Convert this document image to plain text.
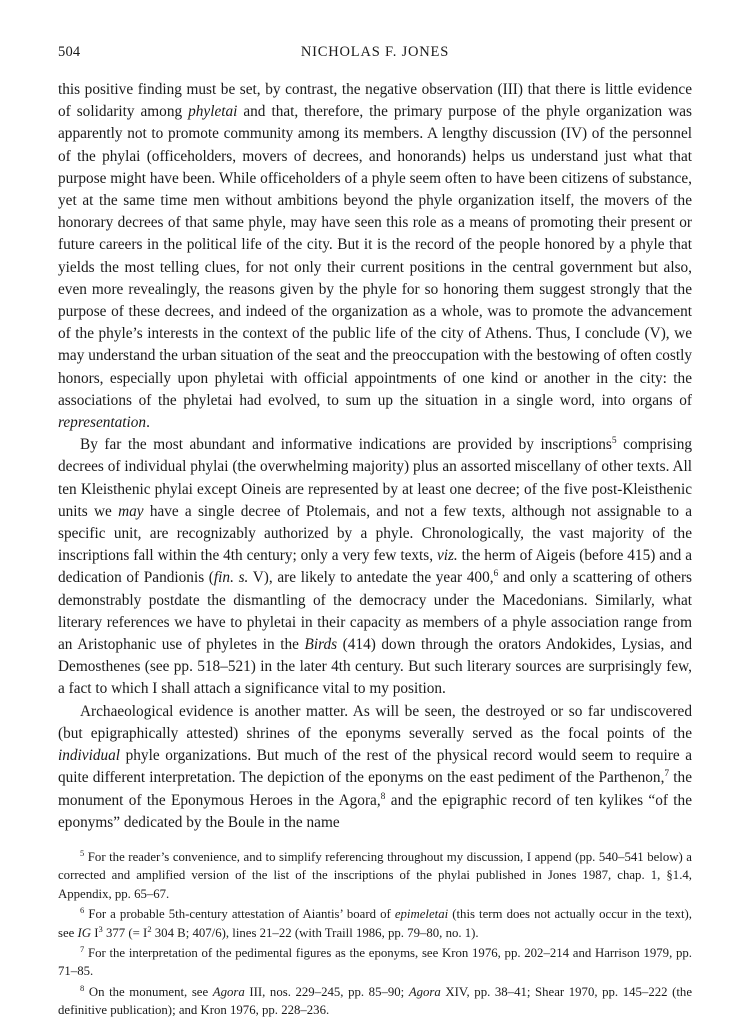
504	NICHOLAS F. JONES

this positive finding must be set, by contrast, the negative observation (III) that there is little evidence of solidarity among phyletai and that, therefore, the primary purpose of the phyle organization was apparently not to promote community among its members. A lengthy discussion (IV) of the personnel of the phylai (officeholders, movers of decrees, and honorands) helps us understand just what that purpose might have been. While officeholders of a phyle seem often to have been citizens of substance, yet at the same time men without ambitions beyond the phyle organization itself, the movers of the honorary decrees of that same phyle, may have seen this role as a means of promoting their present or future careers in the political life of the city. But it is the record of the people honored by a phyle that yields the most telling clues, for not only their current positions in the central government but also, even more revealingly, the reasons given by the phyle for so honoring them suggest strongly that the purpose of these decrees, and indeed of the organization as a whole, was to promote the advancement of the phyle’s interests in the context of the public life of the city of Athens. Thus, I conclude (V), we may understand the urban situation of the seat and the preoccupation with the bestowing of often costly honors, especially upon phyletai with official appointments of one kind or another in the city: the associations of the phyletai had evolved, to sum up the situation in a single word, into organs of representation.

By far the most abundant and informative indications are provided by inscriptions$^5$ comprising decrees of individual phylai (the overwhelming majority) plus an assorted miscellany of other texts. All ten Kleisthenic phylai except Oineis are represented by at least one decree; of the five post-Kleisthenic units we may have a single decree of Ptolemais, and not a few texts, although not assignable to a specific unit, are recognizably authorized by a phyle. Chronologically, the vast majority of the inscriptions fall within the 4th century; only a very few texts, viz. the herm of Aigeis (before 415) and a dedication of Pandionis (fin. s. V), are likely to antedate the year 400,$^6$ and only a scattering of others demonstrably postdate the dismantling of the democracy under the Macedonians. Similarly, what literary references we have to phyletai in their capacity as members of a phyle association range from an Aristophanic use of phyletes in the Birds (414) down through the orators Andokides, Lysias, and Demosthenes (see pp. 518–521) in the later 4th century. But such literary sources are surprisingly few, a fact to which I shall attach a significance vital to my position.

Archaeological evidence is another matter. As will be seen, the destroyed or so far undiscovered (but epigraphically attested) shrines of the eponyms severally served as the focal points of the individual phyle organizations. But much of the rest of the physical record would seem to require a quite different interpretation. The depiction of the eponyms on the east pediment of the Parthenon,$^7$ the monument of the Eponymous Heroes in the Agora,$^8$ and the epigraphic record of ten kylikes “of the eponyms” dedicated by the Boule in the name

$^5$ For the reader’s convenience, and to simplify referencing throughout my discussion, I append (pp. 540–541 below) a corrected and amplified version of the list of the inscriptions of the phylai published in Jones 1987, chap. 1, §1.4, Appendix, pp. 65–67.

$^6$ For a probable 5th-century attestation of Aiantis’ board of epimeletai (this term does not actually occur in the text), see IG $I^3$ 377 (= $I^2$ 304 B; 407/6), lines 21–22 (with Traill 1986, pp. 79–80, no. 1).

$^7$ For the interpretation of the pedimental figures as the eponyms, see Kron 1976, pp. 202–214 and Harrison 1979, pp. 71–85.

$^8$ On the monument, see Agora III, nos. 229–245, pp. 85–90; Agora XIV, pp. 38–41; Shear 1970, pp. 145–222 (the definitive publication); and Kron 1976, pp. 228–236.
